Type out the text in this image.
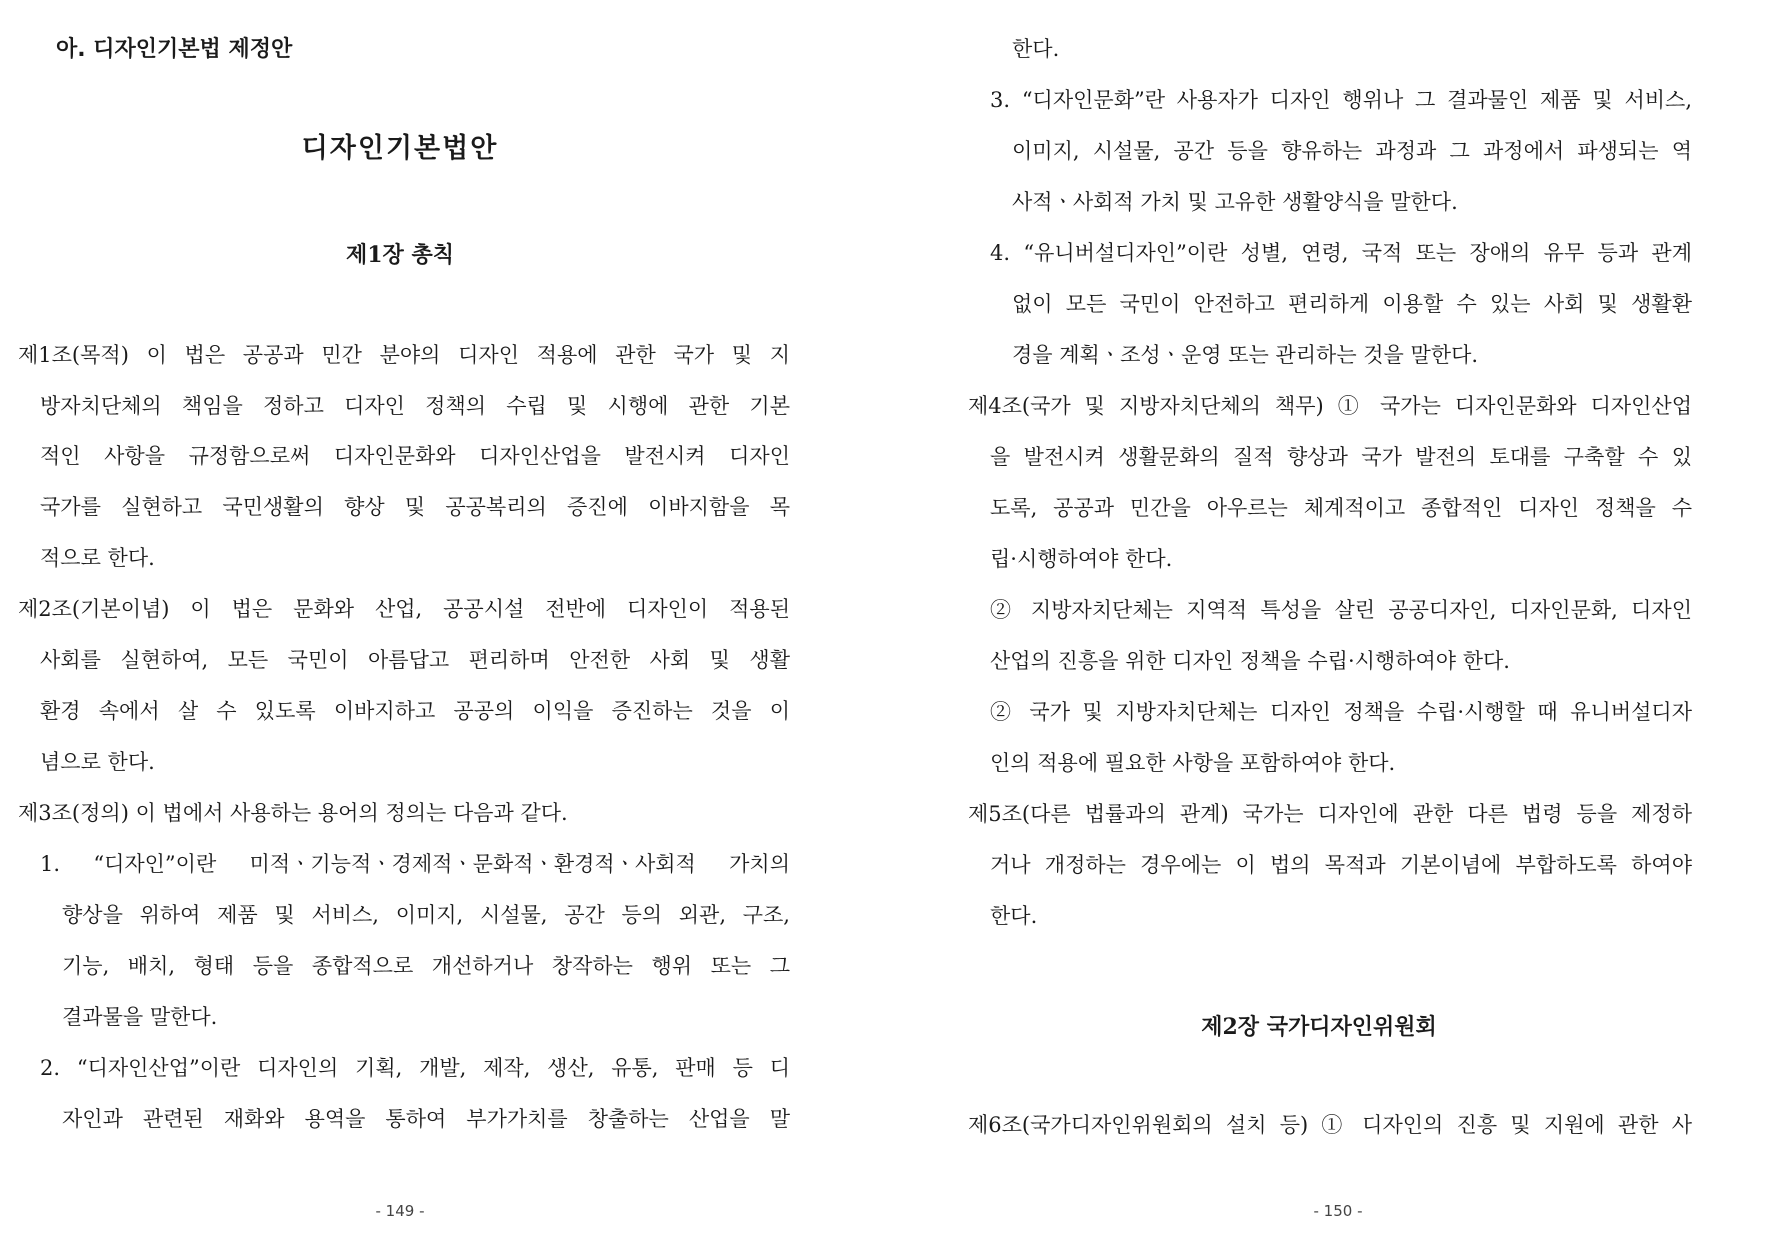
아. 디자인기본법 제정안
디자인기본법안
제1장 총칙
제1조(목적) 이 법은 공공과 민간 분야의 디자인 적용에 관한 국가 및 지
방자치단체의 책임을 정하고 디자인 정책의 수립 및 시행에 관한 기본
적인 사항을 규정함으로써 디자인문화와 디자인산업을 발전시켜 디자인
국가를 실현하고 국민생활의 향상 및 공공복리의 증진에 이바지함을 목
적으로 한다.
제2조(기본이념) 이 법은 문화와 산업, 공공시설 전반에 디자인이 적용된
사회를 실현하여, 모든 국민이 아름답고 편리하며 안전한 사회 및 생활
환경 속에서 살 수 있도록 이바지하고 공공의 이익을 증진하는 것을 이
념으로 한다.
제3조(정의) 이 법에서 사용하는 용어의 정의는 다음과 같다.
1. “디자인”이란 미적ㆍ기능적ㆍ경제적ㆍ문화적ㆍ환경적ㆍ사회적 가치의
향상을 위하여 제품 및 서비스, 이미지, 시설물, 공간 등의 외관, 구조,
기능, 배치, 형태 등을 종합적으로 개선하거나 창작하는 행위 또는 그
결과물을 말한다.
2. “디자인산업”이란 디자인의 기획, 개발, 제작, 생산, 유통, 판매 등 디
자인과 관련된 재화와 용역을 통하여 부가가치를 창출하는 산업을 말
- 149 -
한다.
3. “디자인문화”란 사용자가 디자인 행위나 그 결과물인 제품 및 서비스,
이미지, 시설물, 공간 등을 향유하는 과정과 그 과정에서 파생되는 역
사적ㆍ사회적 가치 및 고유한 생활양식을 말한다.
4. “유니버설디자인”이란 성별, 연령, 국적 또는 장애의 유무 등과 관계
없이 모든 국민이 안전하고 편리하게 이용할 수 있는 사회 및 생활환
경을 계획ㆍ조성ㆍ운영 또는 관리하는 것을 말한다.
제4조(국가 및 지방자치단체의 책무) ① 국가는 디자인문화와 디자인산업
을 발전시켜 생활문화의 질적 향상과 국가 발전의 토대를 구축할 수 있
도록, 공공과 민간을 아우르는 체계적이고 종합적인 디자인 정책을 수
립·시행하여야 한다.
② 지방자치단체는 지역적 특성을 살린 공공디자인, 디자인문화, 디자인
산업의 진흥을 위한 디자인 정책을 수립·시행하여야 한다.
② 국가 및 지방자치단체는 디자인 정책을 수립·시행할 때 유니버설디자
인의 적용에 필요한 사항을 포함하여야 한다.
제5조(다른 법률과의 관계) 국가는 디자인에 관한 다른 법령 등을 제정하
거나 개정하는 경우에는 이 법의 목적과 기본이념에 부합하도록 하여야
한다.
제2장 국가디자인위원회
제6조(국가디자인위원회의 설치 등) ① 디자인의 진흥 및 지원에 관한 사
- 150 -
